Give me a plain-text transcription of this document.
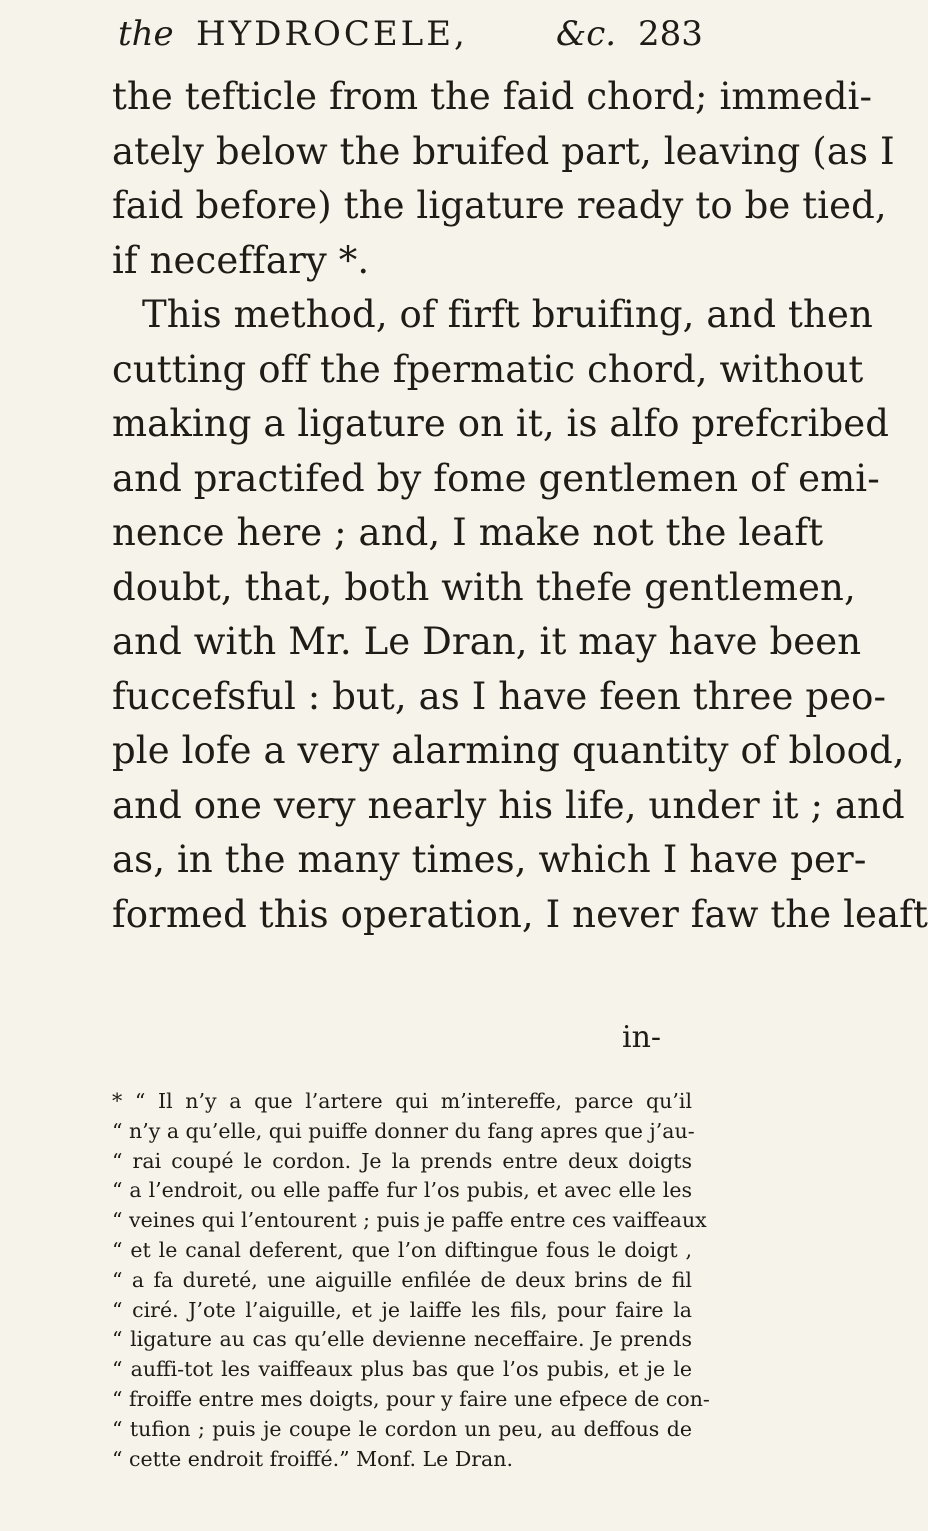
the HYDROCELE,	&c. 283
the tefticle from the faid chord; immedi-
ately below the bruifed part, leaving (as I
faid before) the ligature ready to be tied,
if neceffary *.
This method, of firft bruifing, and then
cutting off the fpermatic chord, without
making a ligature on it, is alfo prefcribed
and practifed by fome gentlemen of emi-
nence here ; and, I make not the leaft
doubt, that, both with thefe gentlemen,
and with Mr. Le Dran, it may have been
fuccefsful : but, as I have feen three peo-
ple lofe a very alarming quantity of blood,
and one very nearly his life, under it ; and
as, in the many times, which I have per-
formed this operation, I never faw the leaft
in-
* “ Il n’y a que l’artere qui m’intereffe, parce qu’il
“ n’y a qu’elle, qui puiffe donner du fang apres que j’au-
“ rai coupé le cordon. Je la prends entre deux doigts
“ a l’endroit, ou elle paffe fur l’os pubis, et avec elle les
“ veines qui l’entourent ; puis je paffe entre ces vaiffeaux
“ et le canal deferent, que l’on diftingue fous le doigt ,
“ a fa dureté, une aiguille enfilée de deux brins de fil
“ ciré. J’ote l’aiguille, et je laiffe les fils, pour faire la
“ ligature au cas qu’elle devienne neceffaire. Je prends
“ auffi-tot les vaiffeaux plus bas que l’os pubis, et je le
“ froiffe entre mes doigts, pour y faire une efpece de con-
“ tufion ; puis je coupe le cordon un peu, au deffous de
“ cette endroit froiffé.” Monf. Le Dran.
